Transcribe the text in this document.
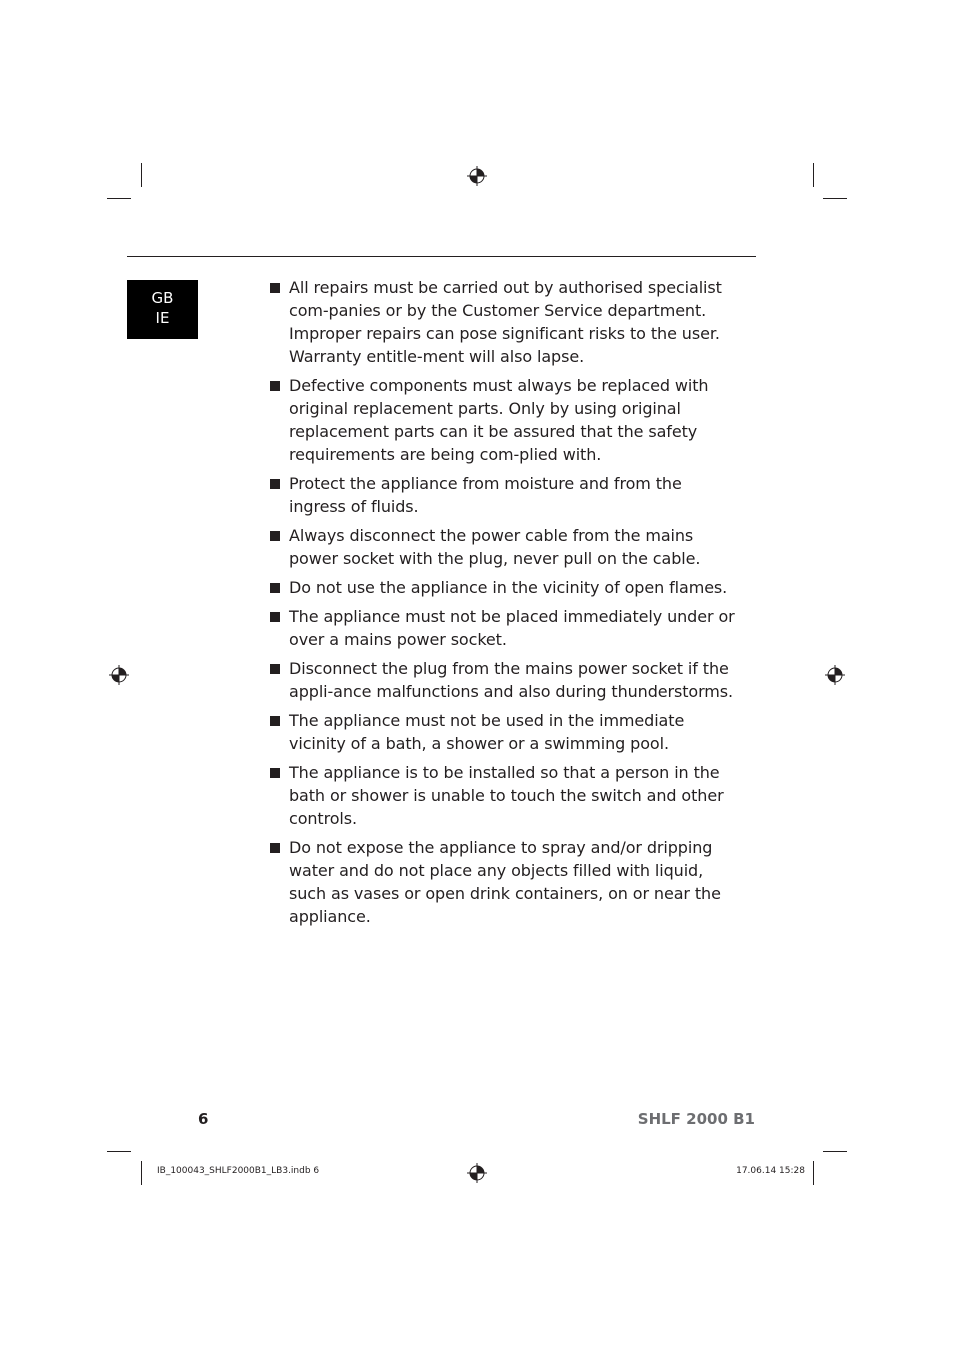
GB
IE
All repairs must be carried out by authorised specialist com-panies or by the Customer Service department. Improper repairs can pose significant risks to the user. Warranty entitle-ment will also lapse.
Defective components must always be replaced with original replacement parts. Only by using original replacement parts can it be assured that the safety requirements are being com-plied with.
Protect the appliance from moisture and from the ingress of fluids.
Always disconnect the power cable from the mains power socket with the plug, never pull on the cable.
Do not use the appliance in the vicinity of open flames.
The appliance must not be placed immediately under or over a mains power socket.
Disconnect the plug from the mains power socket if the appli-ance malfunctions and also during thunderstorms.
The appliance must not be used in the immediate vicinity of a bath, a shower or a swimming pool.
The appliance is to be installed so that a person in the bath or shower is unable to touch the switch and other controls.
Do not expose the appliance to spray and/or dripping water and do not place any objects filled with liquid, such as vases or open drink containers, on or near the appliance.
6	SHLF 2000 B1
IB_100043_SHLF2000B1_LB3.indb 6	17.06.14 15:28
